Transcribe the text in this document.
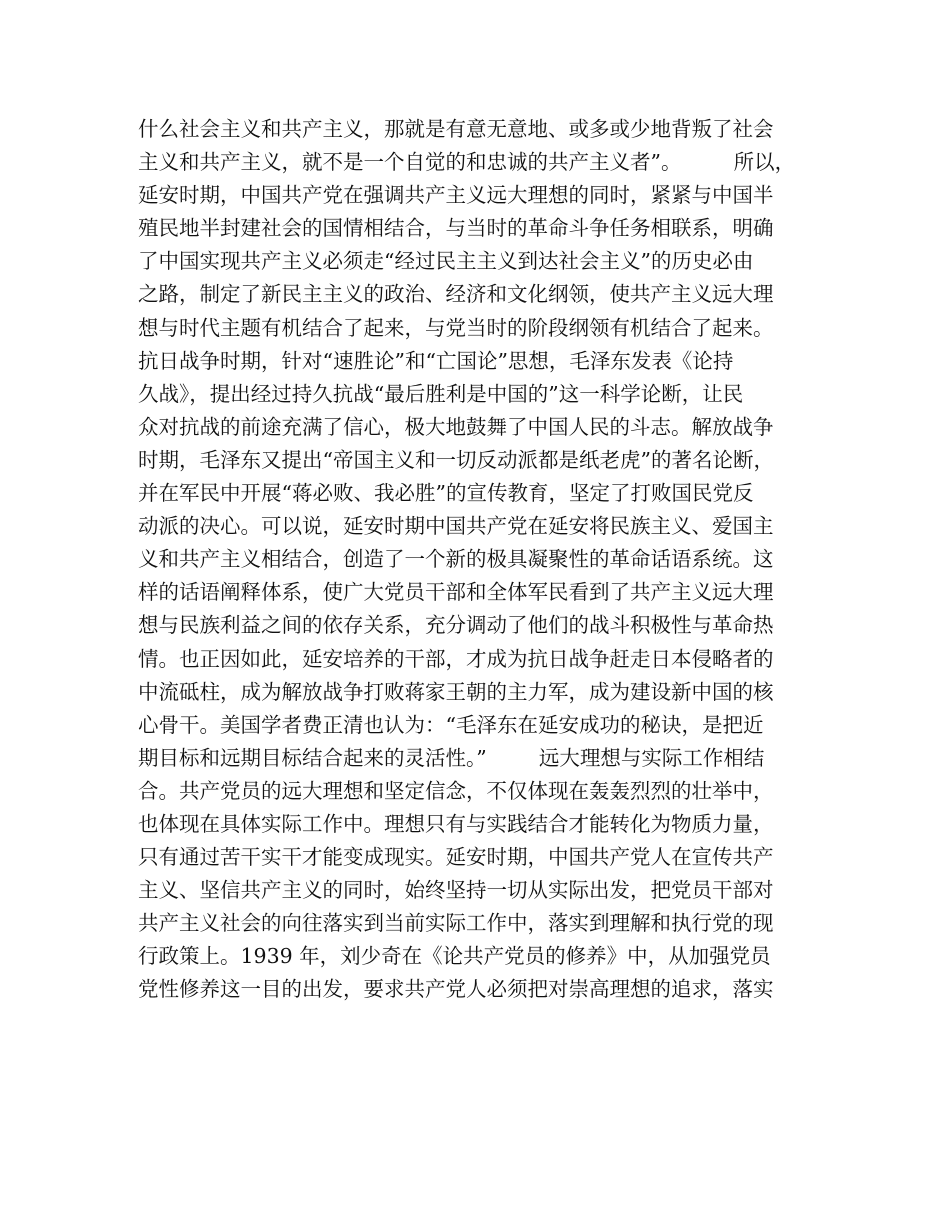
什么社会主义和共产主义，那就是有意无意地、或多或少地背叛了社会
主义和共产主义，就不是一个自觉的和忠诚的共产主义者”。        所以，
延安时期，中国共产党在强调共产主义远大理想的同时，紧紧与中国半
殖民地半封建社会的国情相结合，与当时的革命斗争任务相联系，明确
了中国实现共产主义必须走“经过民主主义到达社会主义”的历史必由
之路，制定了新民主主义的政治、经济和文化纲领，使共产主义远大理
想与时代主题有机结合了起来，与党当时的阶段纲领有机结合了起来。
抗日战争时期，针对“速胜论”和“亡国论”思想，毛泽东发表《论持
久战》，提出经过持久抗战“最后胜利是中国的”这一科学论断，让民
众对抗战的前途充满了信心，极大地鼓舞了中国人民的斗志。解放战争
时期，毛泽东又提出“帝国主义和一切反动派都是纸老虎”的著名论断，
并在军民中开展“蒋必败、我必胜”的宣传教育，坚定了打败国民党反
动派的决心。可以说，延安时期中国共产党在延安将民族主义、爱国主
义和共产主义相结合，创造了一个新的极具凝聚性的革命话语系统。这
样的话语阐释体系，使广大党员干部和全体军民看到了共产主义远大理
想与民族利益之间的依存关系，充分调动了他们的战斗积极性与革命热
情。也正因如此，延安培养的干部，才成为抗日战争赶走日本侵略者的
中流砥柱，成为解放战争打败蒋家王朝的主力军，成为建设新中国的核
心骨干。美国学者费正清也认为：“毛泽东在延安成功的秘诀，是把近
期目标和远期目标结合起来的灵活性。”        远大理想与实际工作相结
合。共产党员的远大理想和坚定信念，不仅体现在轰轰烈烈的壮举中，
也体现在具体实际工作中。理想只有与实践结合才能转化为物质力量，
只有通过苦干实干才能变成现实。延安时期，中国共产党人在宣传共产
主义、坚信共产主义的同时，始终坚持一切从实际出发，把党员干部对
共产主义社会的向往落实到当前实际工作中，落实到理解和执行党的现
行政策上。1939 年，刘少奇在《论共产党员的修养》中，从加强党员
党性修养这一目的出发，要求共产党人必须把对崇高理想的追求，落实
